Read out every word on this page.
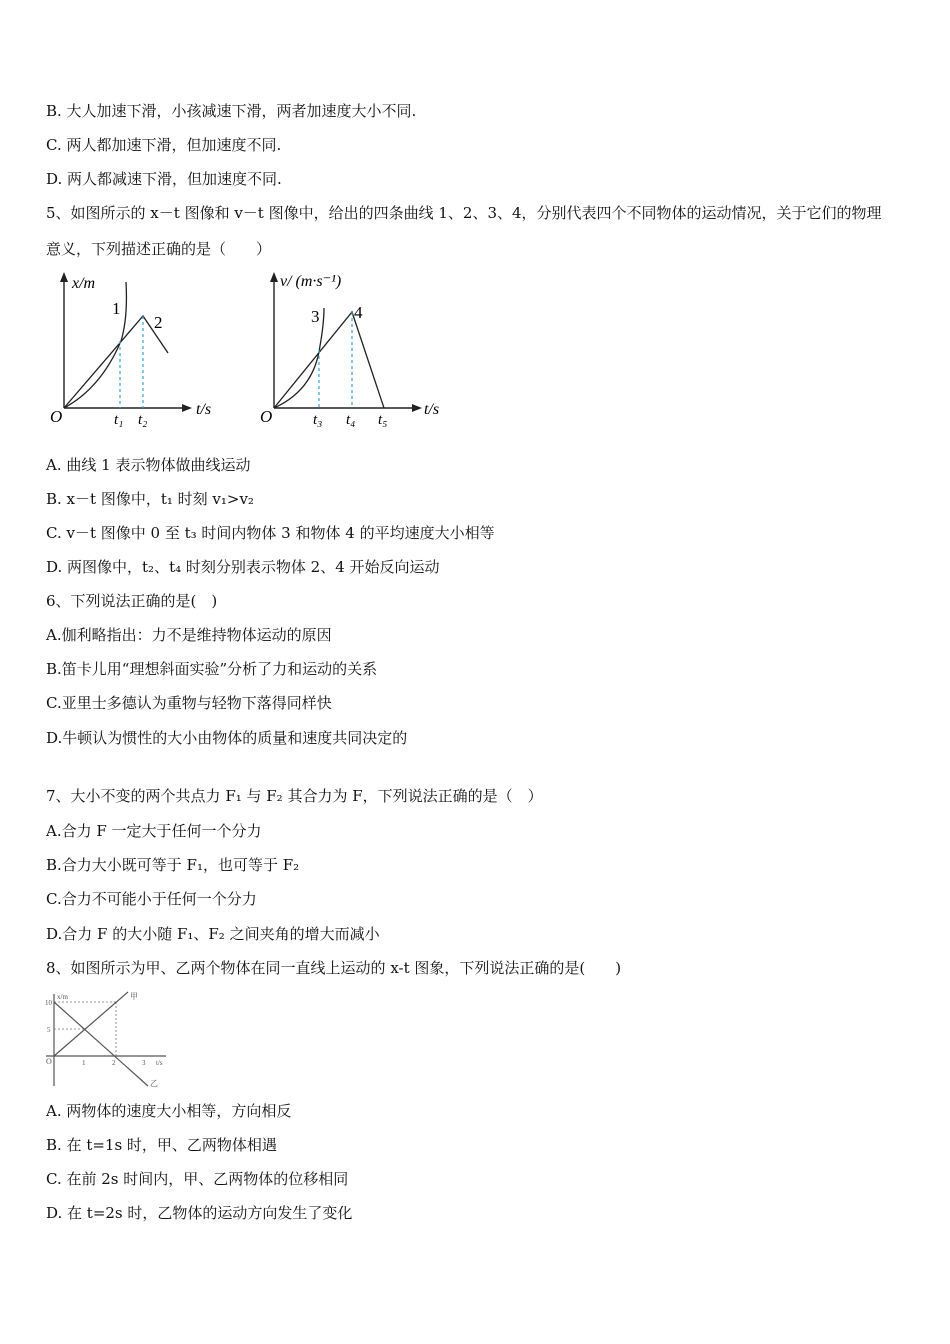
B. 大人加速下滑，小孩减速下滑，两者加速度大小不同.
C. 两人都加速下滑，但加速度不同.
D. 两人都减速下滑，但加速度不同.
5、如图所示的 x－t 图像和 v－t 图像中，给出的四条曲线 1、2、3、4，分别代表四个不同物体的运动情况，关于它们的物理
意义，下列描述正确的是（　　）
x/m
t/s
O
1
2
t₁ t₂
v/ (m·s⁻¹)
t/s
O
3 4
t₃ t₄ t₅
A. 曲线 1 表示物体做曲线运动
B. x－t 图像中，t₁ 时刻 v₁>v₂
C. v－t 图像中 0 至 t₃ 时间内物体 3 和物体 4 的平均速度大小相等
D. 两图像中，t₂、t₄ 时刻分别表示物体 2、4 开始反向运动
6、下列说法正确的是(　)
A.伽利略指出：力不是维持物体运动的原因
B.笛卡儿用“理想斜面实验”分析了力和运动的关系
C.亚里士多德认为重物与轻物下落得同样快
D.牛顿认为惯性的大小由物体的质量和速度共同决定的
7、大小不变的两个共点力 F₁ 与 F₂ 其合力为 F，下列说法正确的是（　）
A.合力 F 一定大于任何一个分力
B.合力大小既可等于 F₁，也可等于 F₂
C.合力不可能小于任何一个分力
D.合力 F 的大小随 F₁、F₂ 之间夹角的增大而减小
8、如图所示为甲、乙两个物体在同一直线上运动的 x-t 图象，下列说法正确的是(　　)
x/m
t/s
O
10
5
1	2	3
甲
乙
A. 两物体的速度大小相等，方向相反
B. 在 t=1s 时，甲、乙两物体相遇
C. 在前 2s 时间内，甲、乙两物体的位移相同
D. 在 t=2s 时，乙物体的运动方向发生了变化
